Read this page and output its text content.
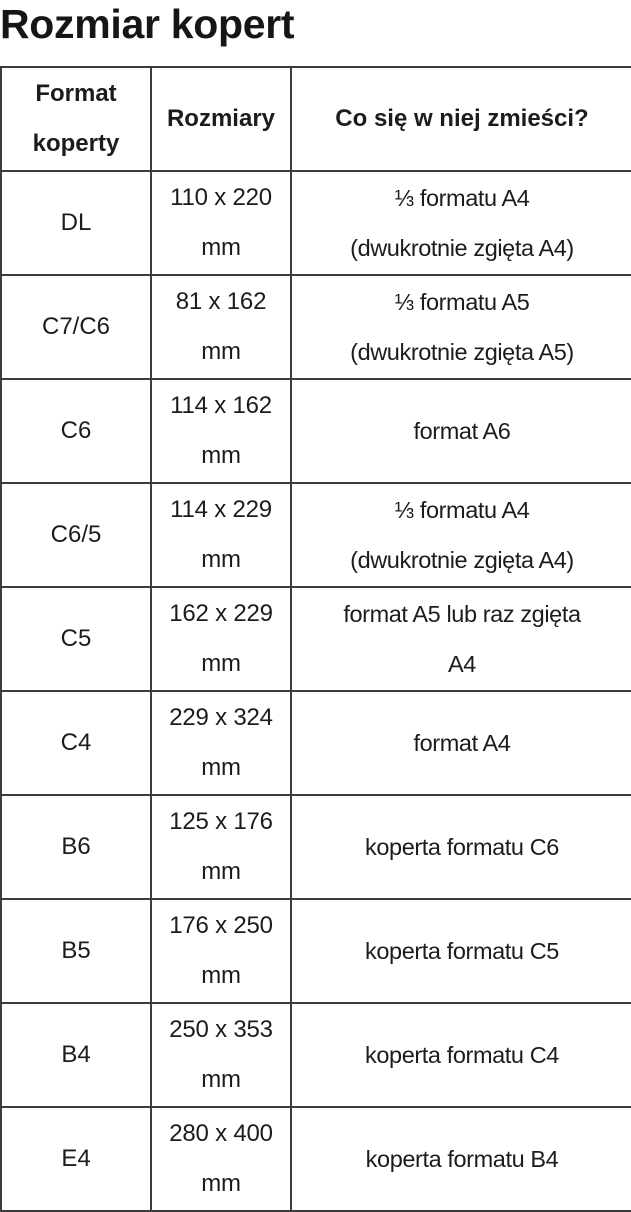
Rozmiar kopert
Format koperty	Rozmiary	Co się w niej zmieści?
DL	110 x 220 mm	⅓ formatu A4
(dwukrotnie zgięta A4)
C7/C6	81 x 162 mm	⅓ formatu A5
(dwukrotnie zgięta A5)
C6	114 x 162 mm	format A6
C6/5	114 x 229 mm	⅓ formatu A4
(dwukrotnie zgięta A4)
C5	162 x 229 mm	format A5 lub raz zgięta
A4
C4	229 x 324 mm	format A4
B6	125 x 176 mm	koperta formatu C6
B5	176 x 250 mm	koperta formatu C5
B4	250 x 353 mm	koperta formatu C4
E4	280 x 400 mm	koperta formatu B4
